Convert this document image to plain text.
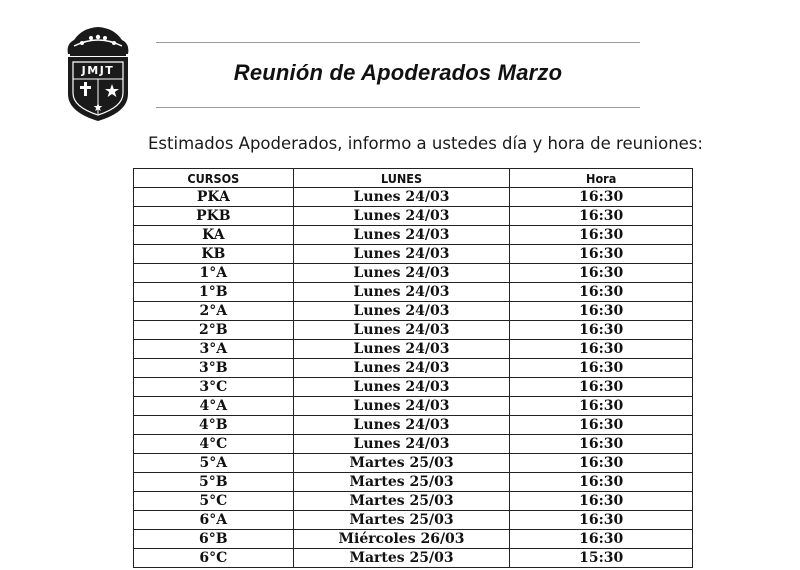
JMJT	Reunión de Apoderados Marzo
Estimados Apoderados, informo a ustedes día y hora de reuniones:
CURSOS	LUNES	Hora
PKA	Lunes 24/03	16:30
PKB	Lunes 24/03	16:30
KA	Lunes 24/03	16:30
KB	Lunes 24/03	16:30
1°A	Lunes 24/03	16:30
1°B	Lunes 24/03	16:30
2°A	Lunes 24/03	16:30
2°B	Lunes 24/03	16:30
3°A	Lunes 24/03	16:30
3°B	Lunes 24/03	16:30
3°C	Lunes 24/03	16:30
4°A	Lunes 24/03	16:30
4°B	Lunes 24/03	16:30
4°C	Lunes 24/03	16:30
5°A	Martes 25/03	16:30
5°B	Martes 25/03	16:30
5°C	Martes 25/03	16:30
6°A	Martes 25/03	16:30
6°B	Miércoles 26/03	16:30
6°C	Martes 25/03	15:30
